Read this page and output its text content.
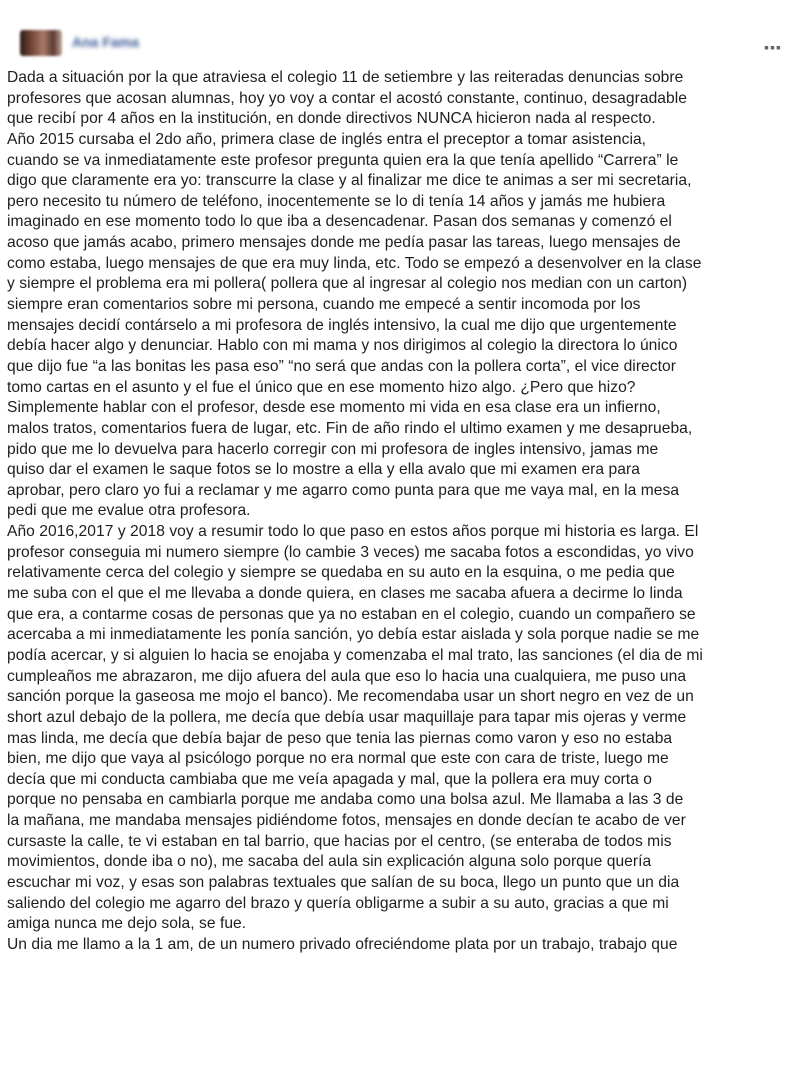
Ana Fama	▪▪▪
Dada a situación por la que atraviesa el colegio 11 de setiembre y las reiteradas denuncias sobre
profesores que acosan alumnas, hoy yo voy a contar el acostó constante, continuo, desagradable
que recibí por 4 años en la institución, en donde directivos NUNCA hicieron nada al respecto.
Año 2015 cursaba el 2do año, primera clase de inglés entra el preceptor a tomar asistencia,
cuando se va inmediatamente este profesor pregunta quien era la que tenía apellido “Carrera” le
digo que claramente era yo: transcurre la clase y al finalizar me dice te animas a ser mi secretaria,
pero necesito tu número de teléfono, inocentemente se lo di tenía 14 años y jamás me hubiera
imaginado en ese momento todo lo que iba a desencadenar. Pasan dos semanas y comenzó el
acoso que jamás acabo, primero mensajes donde me pedía pasar las tareas, luego mensajes de
como estaba, luego mensajes de que era muy linda, etc. Todo se empezó a desenvolver en la clase
y siempre el problema era mi pollera( pollera que al ingresar al colegio nos median con un carton)
siempre eran comentarios sobre mi persona, cuando me empecé a sentir incomoda por los
mensajes decidí contárselo a mi profesora de inglés intensivo, la cual me dijo que urgentemente
debía hacer algo y denunciar. Hablo con mi mama y nos dirigimos al colegio la directora lo único
que dijo fue “a las bonitas les pasa eso” “no será que andas con la pollera corta”, el vice director
tomo cartas en el asunto y el fue el único que en ese momento hizo algo. ¿Pero que hizo?
Simplemente hablar con el profesor, desde ese momento mi vida en esa clase era un infierno,
malos tratos, comentarios fuera de lugar, etc. Fin de año rindo el ultimo examen y me desaprueba,
pido que me lo devuelva para hacerlo corregir con mi profesora de ingles intensivo, jamas me
quiso dar el examen le saque fotos se lo mostre a ella y ella avalo que mi examen era para
aprobar, pero claro yo fui a reclamar y me agarro como punta para que me vaya mal, en la mesa
pedi que me evalue otra profesora.
Año 2016,2017 y 2018 voy a resumir todo lo que paso en estos años porque mi historia es larga. El
profesor conseguia mi numero siempre (lo cambie 3 veces) me sacaba fotos a escondidas, yo vivo
relativamente cerca del colegio y siempre se quedaba en su auto en la esquina, o me pedia que
me suba con el que el me llevaba a donde quiera, en clases me sacaba afuera a decirme lo linda
que era, a contarme cosas de personas que ya no estaban en el colegio, cuando un compañero se
acercaba a mi inmediatamente les ponía sanción, yo debía estar aislada y sola porque nadie se me
podía acercar, y si alguien lo hacia se enojaba y comenzaba el mal trato, las sanciones (el dia de mi
cumpleaños me abrazaron, me dijo afuera del aula que eso lo hacia una cualquiera, me puso una
sanción porque la gaseosa me mojo el banco). Me recomendaba usar un short negro en vez de un
short azul debajo de la pollera, me decía que debía usar maquillaje para tapar mis ojeras y verme
mas linda, me decía que debía bajar de peso que tenia las piernas como varon y eso no estaba
bien, me dijo que vaya al psicólogo porque no era normal que este con cara de triste, luego me
decía que mi conducta cambiaba que me veía apagada y mal, que la pollera era muy corta o
porque no pensaba en cambiarla porque me andaba como una bolsa azul. Me llamaba a las 3 de
la mañana, me mandaba mensajes pidiéndome fotos, mensajes en donde decían te acabo de ver
cursaste la calle, te vi estaban en tal barrio, que hacias por el centro, (se enteraba de todos mis
movimientos, donde iba o no), me sacaba del aula sin explicación alguna solo porque quería
escuchar mi voz, y esas son palabras textuales que salían de su boca, llego un punto que un dia
saliendo del colegio me agarro del brazo y quería obligarme a subir a su auto, gracias a que mi
amiga nunca me dejo sola, se fue.
Un dia me llamo a la 1 am, de un numero privado ofreciéndome plata por un trabajo, trabajo que
